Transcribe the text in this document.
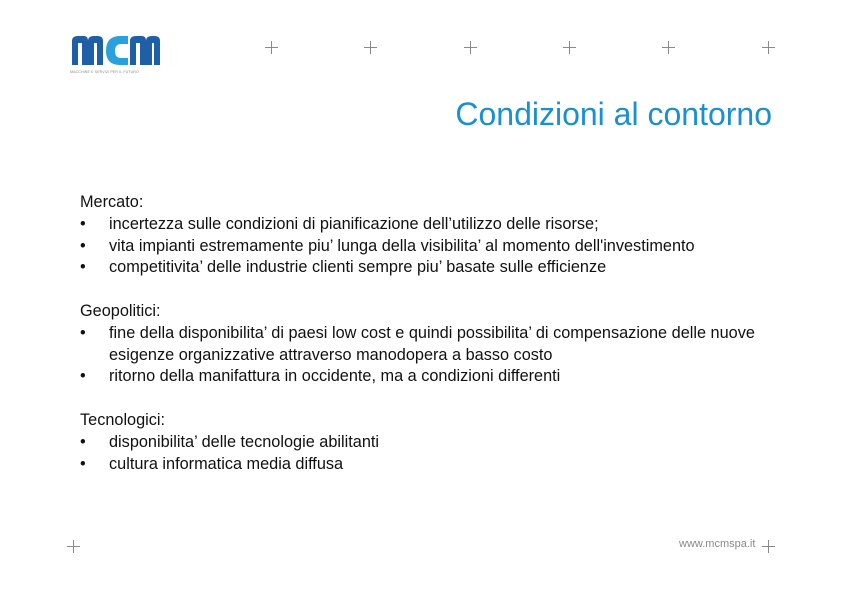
MACCHINE E SERVIZI PER IL FUTURO
Condizioni al contorno
Mercato:
•	incertezza sulle condizioni di pianificazione dell’utilizzo delle risorse;
•	vita impianti estremamente piu’ lunga della visibilita’ al momento dell'investimento
•	competitivita’ delle industrie clienti sempre piu’ basate sulle efficienze
Geopolitici:
•	fine della disponibilita’ di paesi low cost e quindi possibilita’ di compensazione delle nuove esigenze organizzative attraverso manodopera a basso costo
•	ritorno della manifattura in occidente, ma a condizioni differenti
Tecnologici:
•	disponibilita’ delle tecnologie abilitanti
•	cultura informatica media diffusa
www.mcmspa.it
